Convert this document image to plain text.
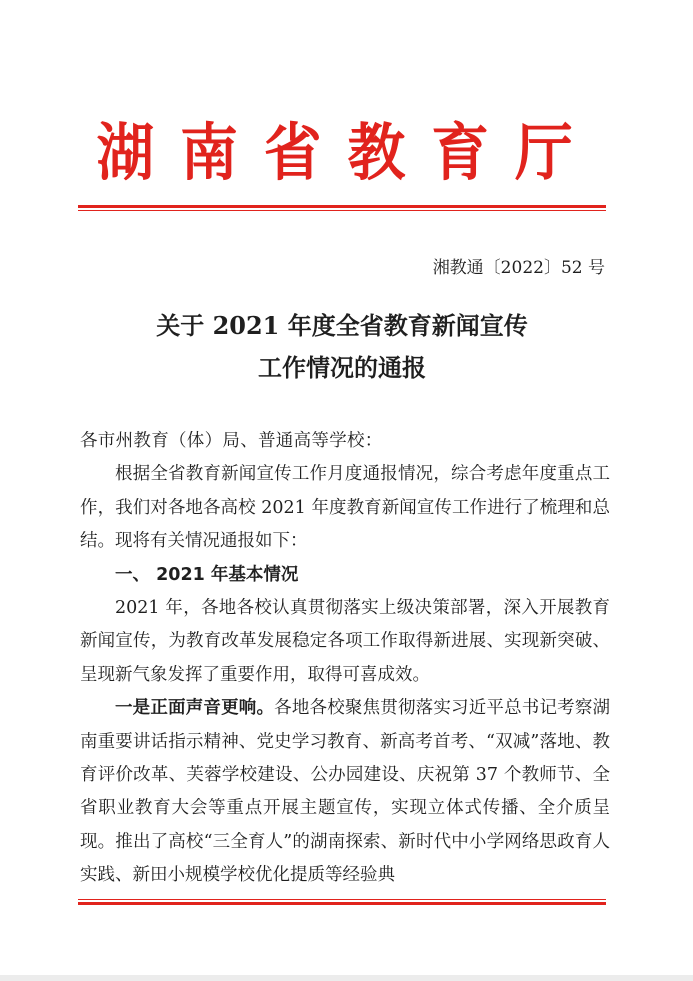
湖南省教育厅
湘教通〔2022〕52 号
关于 2021 年度全省教育新闻宣传
工作情况的通报

各市州教育（体）局、普通高等学校：

根据全省教育新闻宣传工作月度通报情况，综合考虑年度重点工作，我们对各地各高校 2021 年度教育新闻宣传工作进行了梳理和总结。现将有关情况通报如下：

一、 2021 年基本情况

2021 年，各地各校认真贯彻落实上级决策部署，深入开展教育新闻宣传，为教育改革发展稳定各项工作取得新进展、实现新突破、呈现新气象发挥了重要作用，取得可喜成效。

一是正面声音更响。各地各校聚焦贯彻落实习近平总书记考察湖南重要讲话指示精神、党史学习教育、新高考首考、“双减”落地、教育评价改革、芙蓉学校建设、公办园建设、庆祝第 37 个教师节、全省职业教育大会等重点开展主题宣传，实现立体式传播、全介质呈现。推出了高校“三全育人”的湖南探索、新时代中小学网络思政育人实践、新田小规模学校优化提质等经验典
